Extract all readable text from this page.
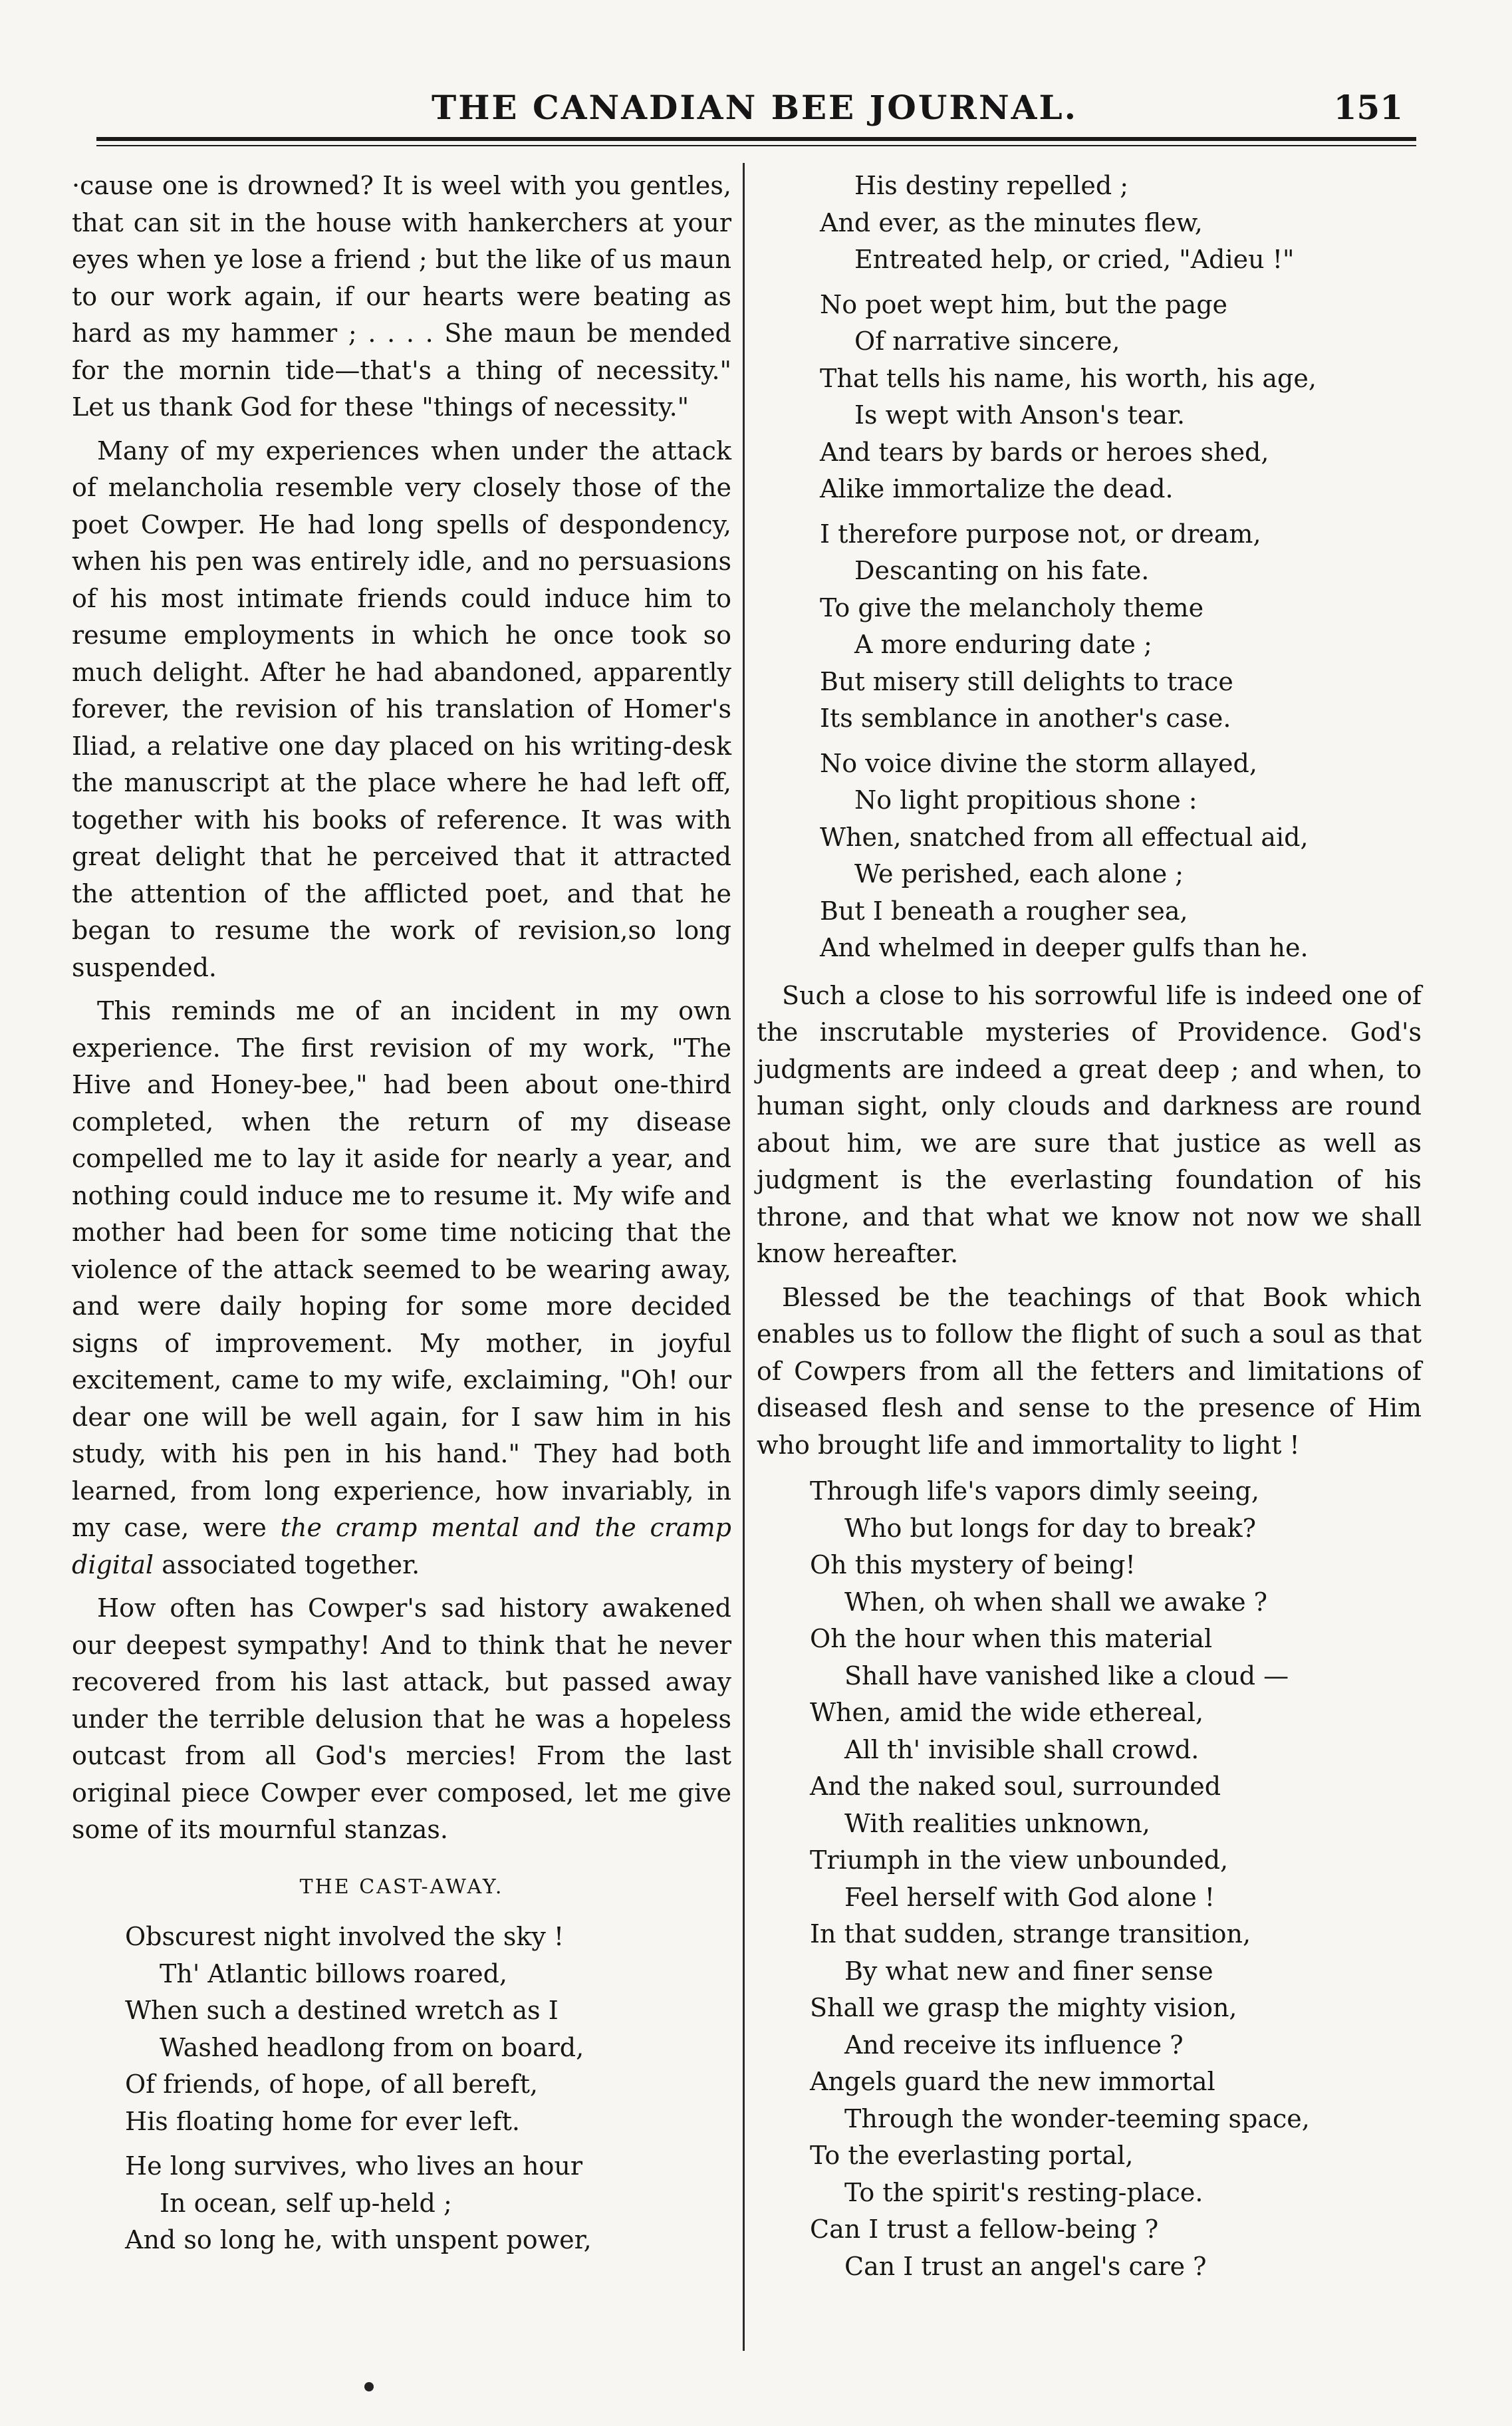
THE CANADIAN BEE JOURNAL.	151

·cause one is drowned? It is weel with you gentles, that can sit in the house with hankerchers at your eyes when ye lose a friend ; but the like of us maun to our work again, if our hearts were beating as hard as my hammer ; . . . . She maun be mended for the mornin tide—that's a thing of necessity." Let us thank God for these "things of necessity."

Many of my experiences when under the attack of melancholia resemble very closely those of the poet Cowper. He had long spells of despondency, when his pen was entirely idle, and no persuasions of his most intimate friends could induce him to resume employments in which he once took so much delight. After he had abandoned, apparently forever, the revision of his translation of Homer's Iliad, a relative one day placed on his writing-desk the manuscript at the place where he had left off, together with his books of reference. It was with great delight that he perceived that it attracted the attention of the afflicted poet, and that he began to resume the work of revision,so long suspended.

This reminds me of an incident in my own experience. The first revision of my work, "The Hive and Honey-bee," had been about one-third completed, when the return of my disease compelled me to lay it aside for nearly a year, and nothing could induce me to resume it. My wife and mother had been for some time noticing that the violence of the attack seemed to be wearing away, and were daily hoping for some more decided signs of improvement. My mother, in joyful excitement, came to my wife, exclaiming, "Oh! our dear one will be well again, for I saw him in his study, with his pen in his hand." They had both learned, from long experience, how invariably, in my case, were the cramp mental and the cramp digital associated together.

How often has Cowper's sad history awakened our deepest sympathy! And to think that he never recovered from his last attack, but passed away under the terrible delusion that he was a hopeless outcast from all God's mercies! From the last original piece Cowper ever composed, let me give some of its mournful stanzas.

THE CAST-AWAY.
Obscurest night involved the sky !
Th' Atlantic billows roared,
When such a destined wretch as I
Washed headlong from on board,
Of friends, of hope, of all bereft,
His floating home for ever left.
He long survives, who lives an hour
In ocean, self up-held ;
And so long he, with unspent power,
His destiny repelled ;
And ever, as the minutes flew,
Entreated help, or cried, "Adieu !"
No poet wept him, but the page
Of narrative sincere,
That tells his name, his worth, his age,
Is wept with Anson's tear.
And tears by bards or heroes shed,
Alike immortalize the dead.
I therefore purpose not, or dream,
Descanting on his fate.
To give the melancholy theme
A more enduring date ;
But misery still delights to trace
Its semblance in another's case.
No voice divine the storm allayed,
No light propitious shone :
When, snatched from all effectual aid,
We perished, each alone ;
But I beneath a rougher sea,
And whelmed in deeper gulfs than he.

Such a close to his sorrowful life is indeed one of the inscrutable mysteries of Providence. God's judgments are indeed a great deep ; and when, to human sight, only clouds and darkness are round about him, we are sure that justice as well as judgment is the everlasting foundation of his throne, and that what we know not now we shall know hereafter.

Blessed be the teachings of that Book which enables us to follow the flight of such a soul as that of Cowpers from all the fetters and limitations of diseased flesh and sense to the presence of Him who brought life and immortality to light !

Through life's vapors dimly seeing,
Who but longs for day to break?
Oh this mystery of being!
When, oh when shall we awake ?
Oh the hour when this material
Shall have vanished like a cloud —
When, amid the wide ethereal,
All th' invisible shall crowd.
And the naked soul, surrounded
With realities unknown,
Triumph in the view unbounded,
Feel herself with God alone !
In that sudden, strange transition,
By what new and finer sense
Shall we grasp the mighty vision,
And receive its influence ?
Angels guard the new immortal
Through the wonder-teeming space,
To the everlasting portal,
To the spirit's resting-place.
Can I trust a fellow-being ?
Can I trust an angel's care ?
